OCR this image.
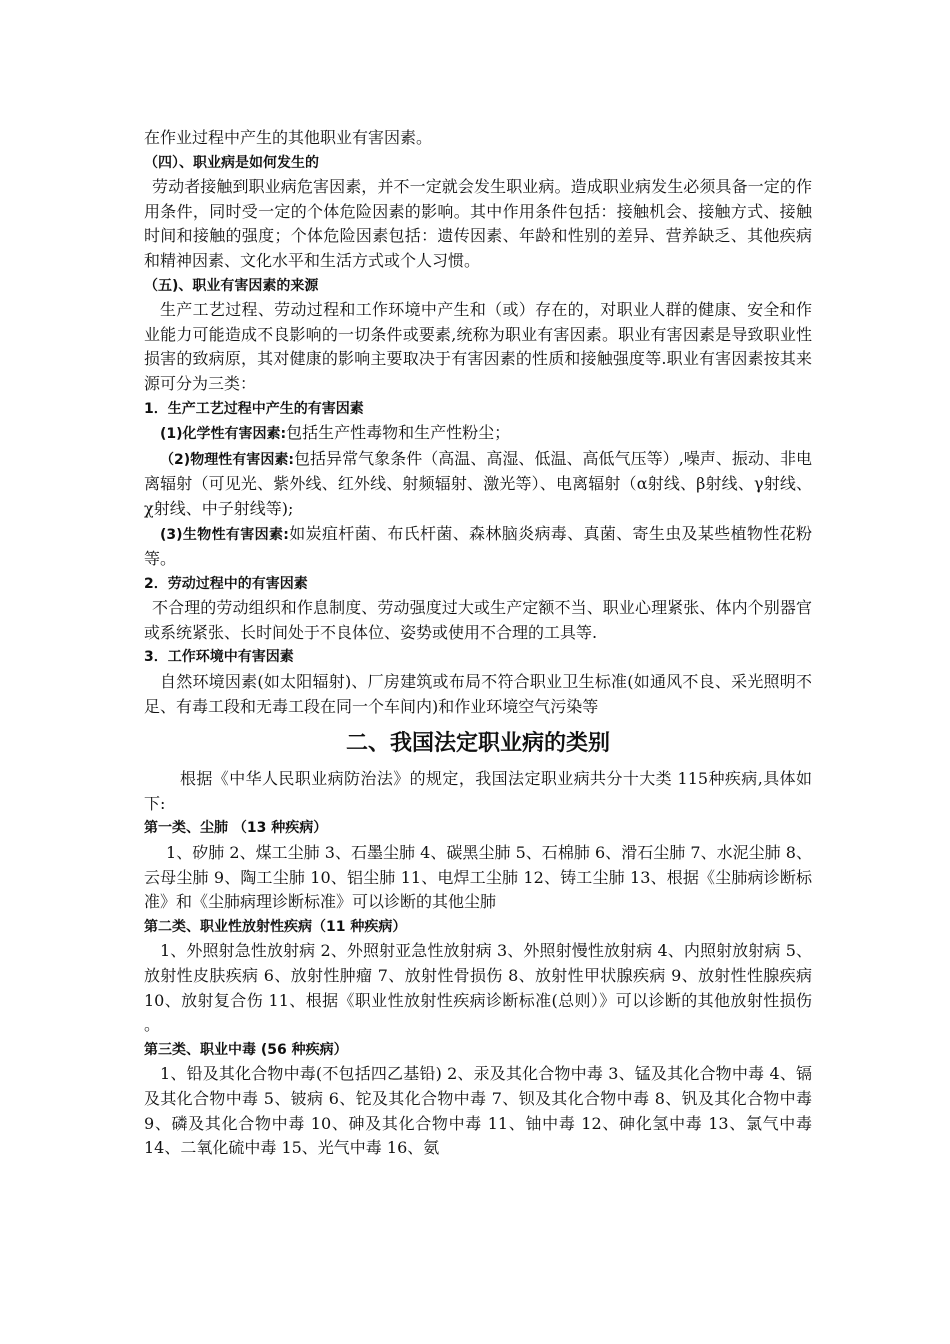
在作业过程中产生的其他职业有害因素。

（四）、职业病是如何发生的

劳动者接触到职业病危害因素，并不一定就会发生职业病。造成职业病发生必须具备一定的作用条件，同时受一定的个体危险因素的影响。其中作用条件包括：接触机会、接触方式、接触时间和接触的强度；个体危险因素包括：遗传因素、年龄和性别的差异、营养缺乏、其他疾病和精神因素、文化水平和生活方式或个人习惯。

（五)、职业有害因素的来源

生产工艺过程、劳动过程和工作环境中产生和（或）存在的，对职业人群的健康、安全和作业能力可能造成不良影响的一切条件或要素,统称为职业有害因素。职业有害因素是导致职业性损害的致病原，其对健康的影响主要取决于有害因素的性质和接触强度等.职业有害因素按其来源可分为三类：

1．生产工艺过程中产生的有害因素

(1)化学性有害因素:包括生产性毒物和生产性粉尘；

（2)物理性有害因素:包括异常气象条件（高温、高湿、低温、高低气压等）,噪声、振动、非电离辐射（可见光、紫外线、红外线、射频辐射、激光等）、电离辐射（α射线、β射线、γ射线、χ射线、中子射线等);

(3)生物性有害因素:如炭疽杆菌、布氏杆菌、森林脑炎病毒、真菌、寄生虫及某些植物性花粉等。

2．劳动过程中的有害因素

不合理的劳动组织和作息制度、劳动强度过大或生产定额不当、职业心理紧张、体内个别器官或系统紧张、长时间处于不良体位、姿势或使用不合理的工具等.

3．工作环境中有害因素

自然环境因素(如太阳辐射)、厂房建筑或布局不符合职业卫生标准(如通风不良、采光照明不足、有毒工段和无毒工段在同一个车间内)和作业环境空气污染等

二、我国法定职业病的类别

根据《中华人民职业病防治法》的规定，我国法定职业病共分十大类 115种疾病,具体如下:

第一类、尘肺 （13 种疾病）

1、矽肺 2、煤工尘肺 3、石墨尘肺 4、碳黑尘肺 5、石棉肺 6、滑石尘肺 7、水泥尘肺 8、云母尘肺 9、陶工尘肺 10、铝尘肺 11、电焊工尘肺 12、铸工尘肺 13、根据《尘肺病诊断标准》和《尘肺病理诊断标准》可以诊断的其他尘肺

第二类、职业性放射性疾病（11 种疾病）

1、外照射急性放射病 2、外照射亚急性放射病 3、外照射慢性放射病 4、内照射放射病 5、放射性皮肤疾病 6、放射性肿瘤 7、放射性骨损伤 8、放射性甲状腺疾病 9、放射性性腺疾病 10、放射复合伤 11、根据《职业性放射性疾病诊断标准(总则）》可以诊断的其他放射性损伤 。

第三类、职业中毒 (56 种疾病）

1、铅及其化合物中毒(不包括四乙基铅) 2、汞及其化合物中毒 3、锰及其化合物中毒 4、镉及其化合物中毒 5、铍病 6、铊及其化合物中毒 7、钡及其化合物中毒 8、钒及其化合物中毒 9、磷及其化合物中毒 10、砷及其化合物中毒 11、铀中毒 12、砷化氢中毒 13、氯气中毒 14、二氧化硫中毒 15、光气中毒 16、氨
